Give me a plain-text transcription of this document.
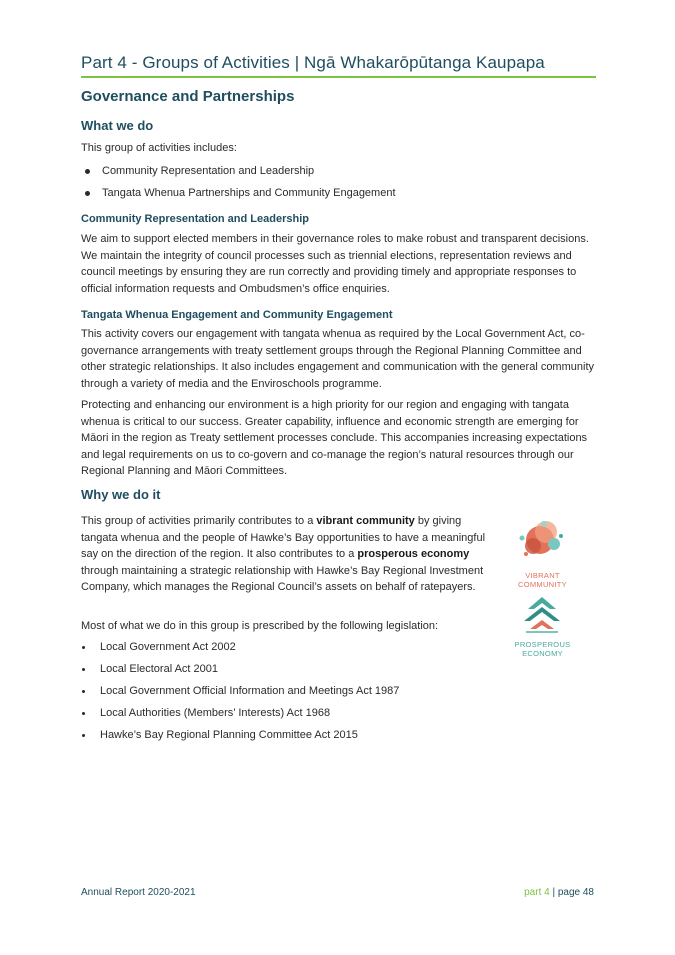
Part 4 - Groups of Activities | Ngā Whakarōpūtanga Kaupapa
Governance and Partnerships
What we do

This group of activities includes:

Community Representation and Leadership
Tangata Whenua Partnerships and Community Engagement
Community Representation and Leadership

We aim to support elected members in their governance roles to make robust and transparent decisions. We maintain the integrity of council processes such as triennial elections, representation reviews and council meetings by ensuring they are run correctly and providing timely and appropriate responses to official information requests and Ombudsmen’s office enquiries.

Tangata Whenua Engagement and Community Engagement

This activity covers our engagement with tangata whenua as required by the Local Government Act, co-governance arrangements with treaty settlement groups through the Regional Planning Committee and other strategic relationships. It also includes engagement and communication with the general community through a variety of media and the Enviroschools programme.

Protecting and enhancing our environment is a high priority for our region and engaging with tangata whenua is critical to our success. Greater capability, influence and economic strength are emerging for Māori in the region as Treaty settlement processes conclude. This accompanies increasing expectations and legal requirements on us to co-govern and co-manage the region’s natural resources through our Regional Planning and Māori Committees.

Why we do it

This group of activities primarily contributes to a vibrant community by giving tangata whenua and the people of Hawke’s Bay opportunities to have a meaningful say on the direction of the region. It also contributes to a prosperous economy through maintaining a strategic relationship with Hawke’s Bay Regional Investment Company, which manages the Regional Council’s assets on behalf of ratepayers.

Most of what we do in this group is prescribed by the following legislation:

Local Government Act 2002
Local Electoral Act 2001
Local Government Official Information and Meetings Act 1987
Local Authorities (Members’ Interests) Act 1968
Hawke’s Bay Regional Planning Committee Act 2015
VIBRANT
COMMUNITY
PROSPEROUS
ECONOMY
Annual Report 2020-2021	part 4 | page 48
